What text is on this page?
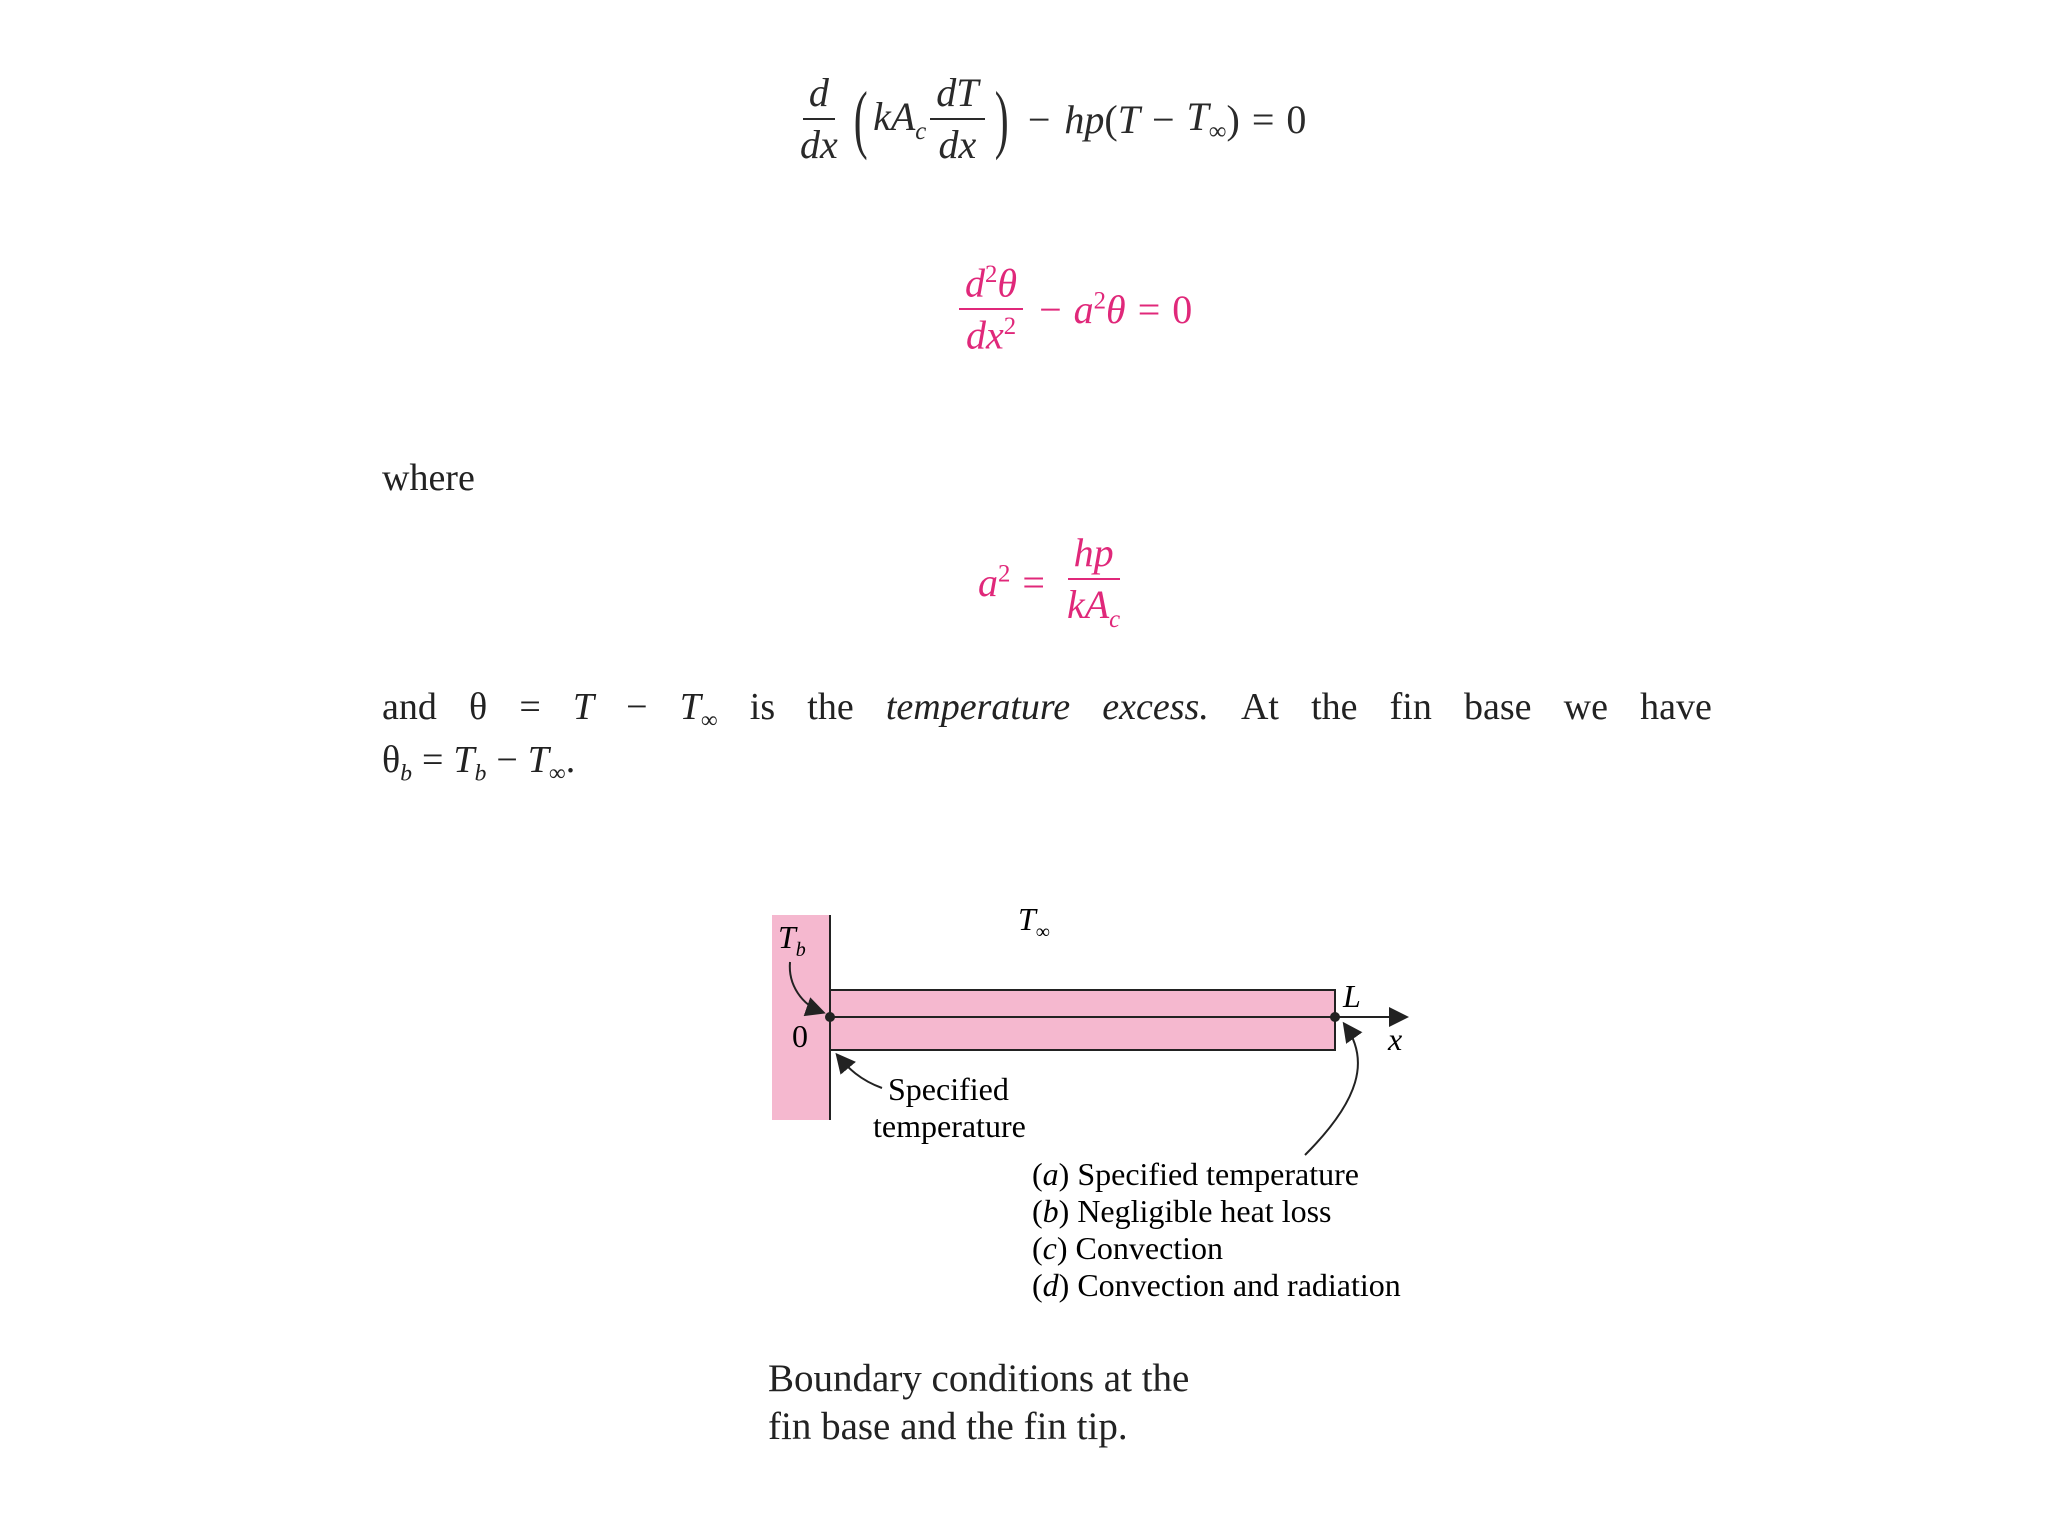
$\frac{d}{dx}$ ( $kA_c \frac{dT}{dx}$ ) − hp ( $T - T_\infty$ ) = 0
$\frac{d^2\theta}{dx^2} - a^2\theta = 0$
where
$a^2 = \frac{hp}{kA_c}$
and $\theta = T - T_\infty$ is the temperature excess. At the fin base we have
$\theta_b = T_b - T_\infty$.
$T_\infty$
$T_b$
0
L
x
Specified
temperature
(a) Specified temperature
(b) Negligible heat loss
(c) Convection
(d) Convection and radiation
Boundary conditions at the
fin base and the fin tip.
